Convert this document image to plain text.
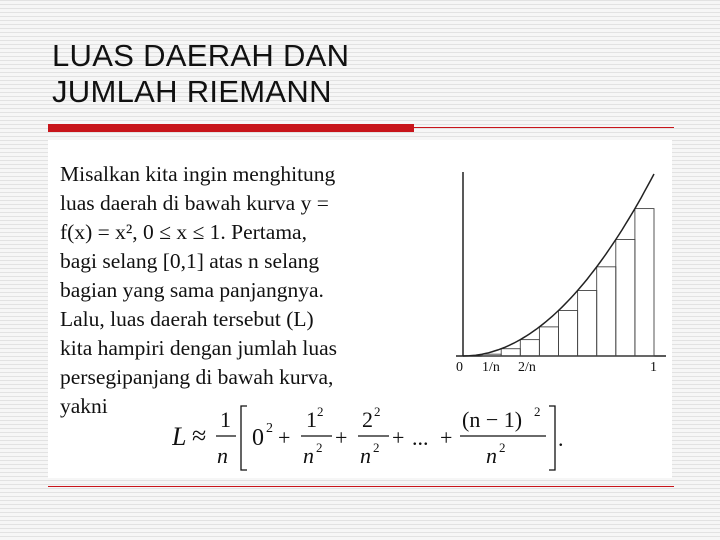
LUAS DAERAH DAN
JUMLAH RIEMANN
Misalkan kita ingin menghitung
luas daerah di bawah kurva y =
f(x) = x², 0 ≤ x ≤ 1. Pertama,
bagi selang [0,1] atas n selang
bagian yang sama panjangnya.
Lalu, luas daerah tersebut (L)
kita hampiri dengan jumlah luas
persegipanjang di bawah kurva,
yakni
0 1/n 2/n	1
L ≈
1
n
0 2 +
1 2
n 2 +
2 2
n 2 + ... +
(n − 1) 2
n 2 .
